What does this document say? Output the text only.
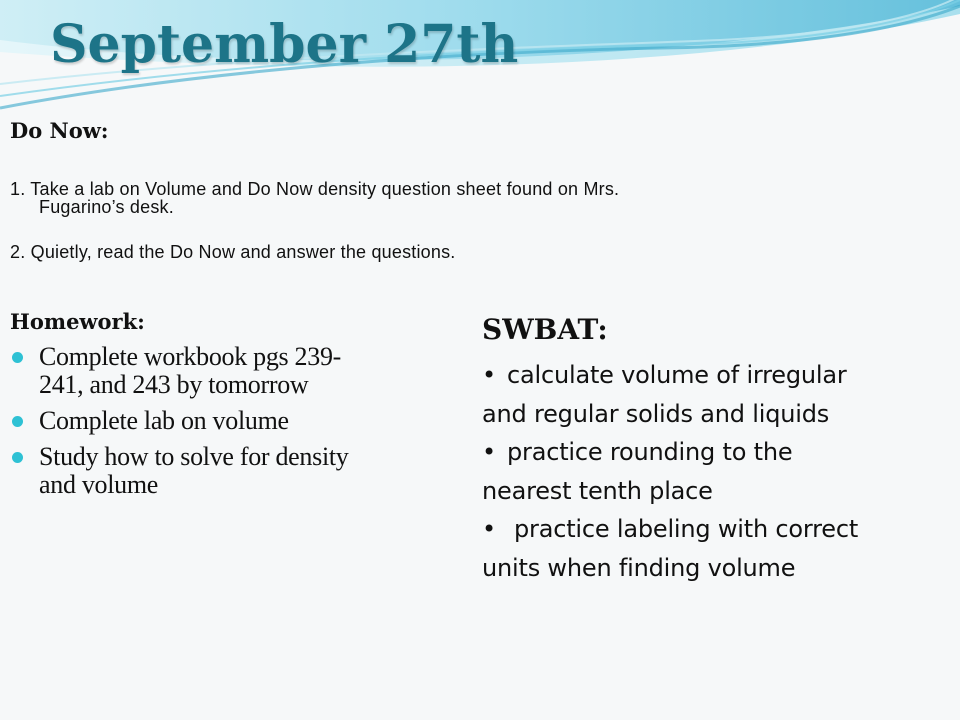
September 27th
Do Now:
1. Take a lab on Volume and Do Now density question sheet found on Mrs.
Fugarino’s desk.
2. Quietly, read the Do Now and answer the questions.
Homework:
Complete workbook pgs 239-
241, and 243 by tomorrow
Complete lab on volume
Study how to solve for density
and volume
SWBAT:
• calculate volume of irregular
and regular solids and liquids
• practice rounding to the
nearest tenth place
• practice labeling with correct
units when finding volume
